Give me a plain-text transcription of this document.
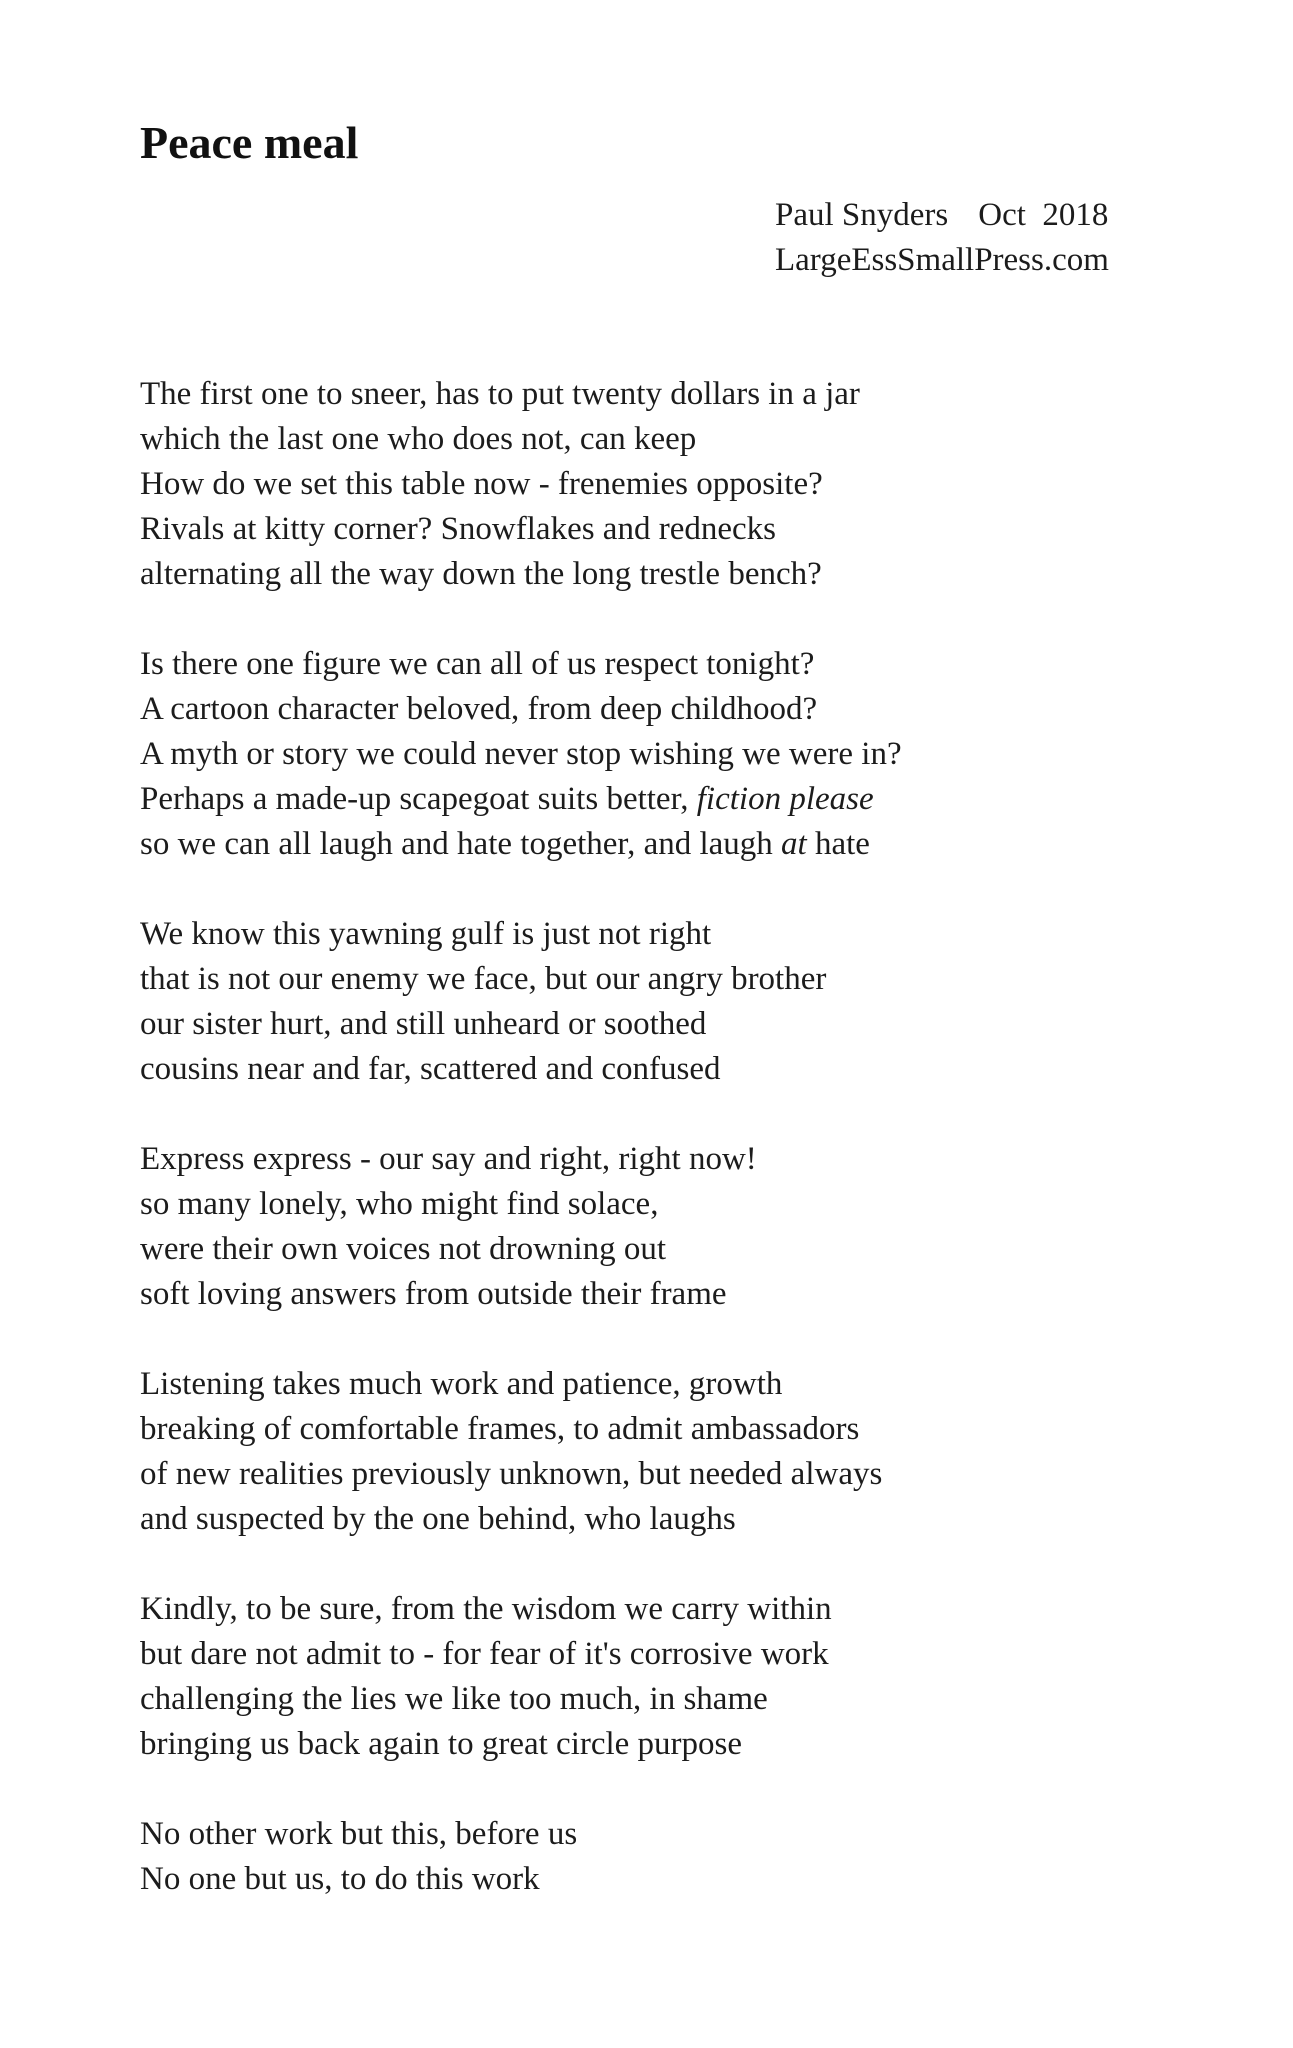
Peace meal
Paul Snyders Oct  2018
LargeEssSmallPress.com
The first one to sneer, has to put twenty dollars in a jar
which the last one who does not, can keep
How do we set this table now - frenemies opposite?
Rivals at kitty corner? Snowflakes and rednecks
alternating all the way down the long trestle bench?
Is there one figure we can all of us respect tonight?
A cartoon character beloved, from deep childhood?
A myth or story we could never stop wishing we were in?
Perhaps a made-up scapegoat suits better, fiction please
so we can all laugh and hate together, and laugh at hate
We know this yawning gulf is just not right
that is not our enemy we face, but our angry brother
our sister hurt, and still unheard or soothed
cousins near and far, scattered and confused
Express express - our say and right, right now!
so many lonely, who might find solace,
were their own voices not drowning out
soft loving answers from outside their frame
Listening takes much work and patience, growth
breaking of comfortable frames, to admit ambassadors
of new realities previously unknown, but needed always
and suspected by the one behind, who laughs
Kindly, to be sure, from the wisdom we carry within
but dare not admit to - for fear of it's corrosive work
challenging the lies we like too much, in shame
bringing us back again to great circle purpose
No other work but this, before us
No one but us, to do this work
